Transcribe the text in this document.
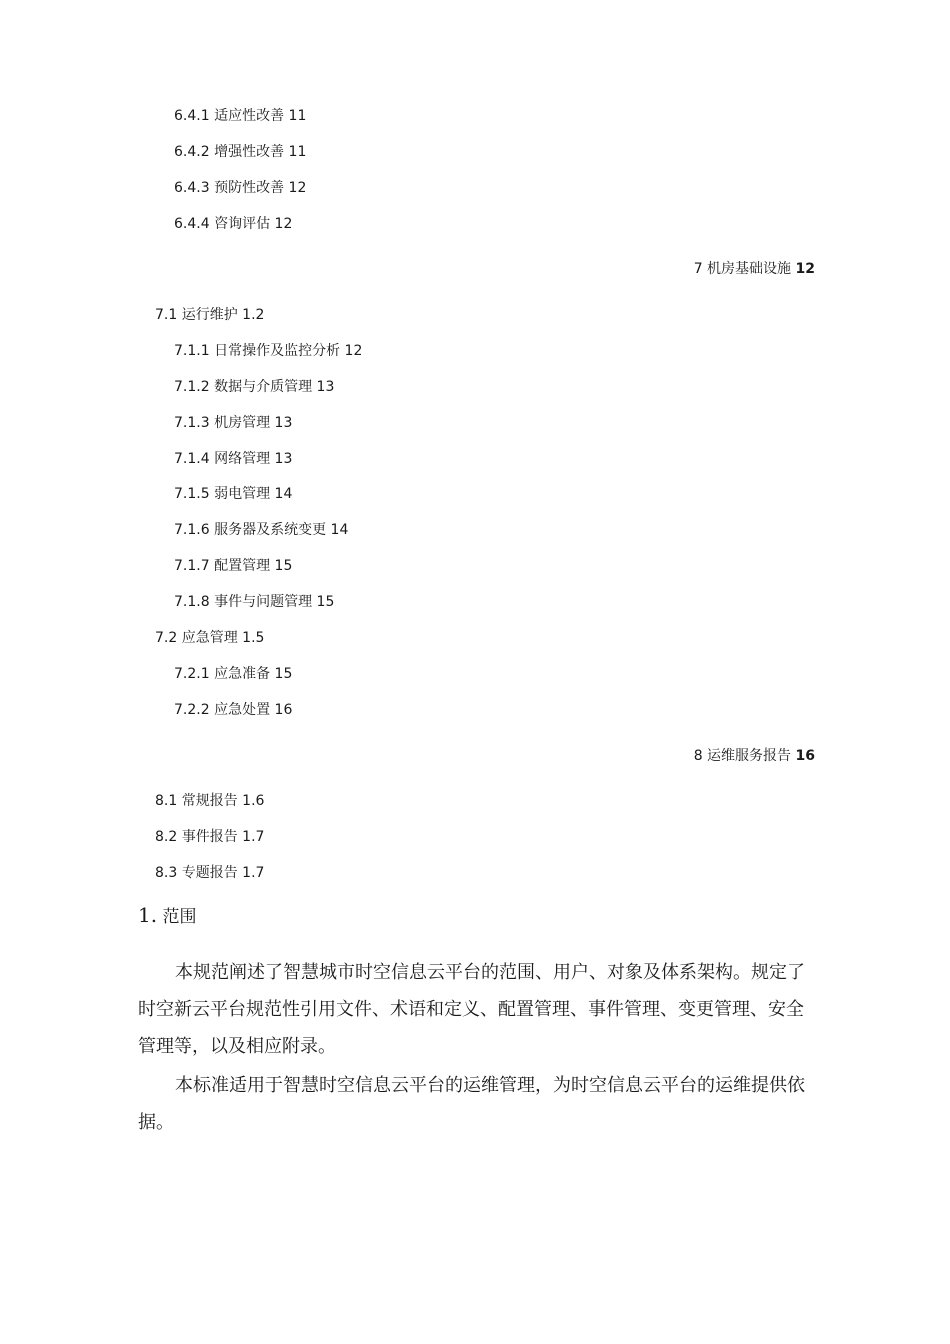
6.4.1 适应性改善 11
6.4.2 增强性改善 11
6.4.3 预防性改善 12
6.4.4 咨询评估 12
7 机房基础设施 12
7.1 运行维护 1.2
7.1.1 日常操作及监控分析 12
7.1.2 数据与介质管理 13
7.1.3 机房管理 13
7.1.4 网络管理 13
7.1.5 弱电管理 14
7.1.6 服务器及系统变更 14
7.1.7 配置管理 15
7.1.8 事件与问题管理 15
7.2 应急管理 1.5
7.2.1 应急准备 15
7.2.2 应急处置 16
8 运维服务报告 16
8.1 常规报告 1.6
8.2 事件报告 1.7
8.3 专题报告 1.7
1. 范围

本规范阐述了智慧城市时空信息云平台的范围、用户、对象及体系架构。规定了时空新云平台规范性引用文件、术语和定义、配置管理、事件管理、变更管理、安全管理等，以及相应附录。

本标准适用于智慧时空信息云平台的运维管理，为时空信息云平台的运维提供依据。
